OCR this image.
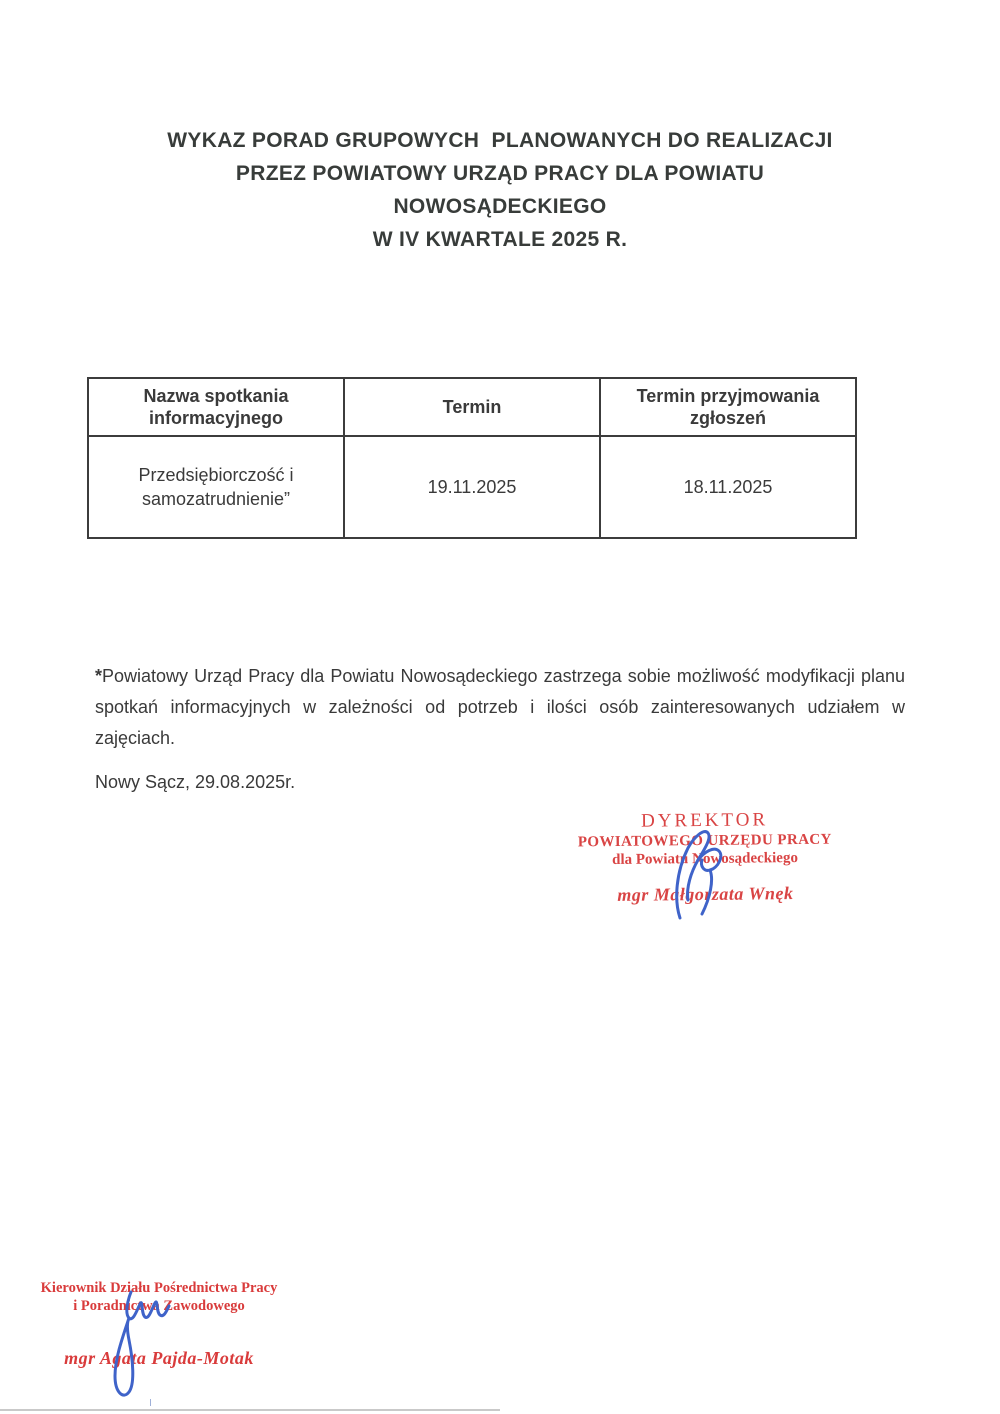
WYKAZ PORAD GRUPOWYCH  PLANOWANYCH DO REALIZACJI
PRZEZ POWIATOWY URZĄD PRACY DLA POWIATU
NOWOSĄDECKIEGO
W IV KWARTALE 2025 R.
Nazwa spotkania informacyjnego	Termin	Termin przyjmowania zgłoszeń
Przedsiębiorczość i samozatrudnienie”	19.11.2025	18.11.2025

*Powiatowy Urząd Pracy dla Powiatu Nowosądeckiego zastrzega sobie możliwość modyfikacji planu spotkań informacyjnych w zależności od potrzeb i ilości osób zainteresowanych udziałem w zajęciach.

Nowy Sącz, 29.08.2025r.

DYREKTOR
POWIATOWEGO URZĘDU PRACY
dla Powiatu Nowosądeckiego
mgr Małgorzata Wnęk
Kierownik Działu Pośrednictwa Pracy
i Poradnictwa Zawodowego
mgr Agata Pajda-Motak
